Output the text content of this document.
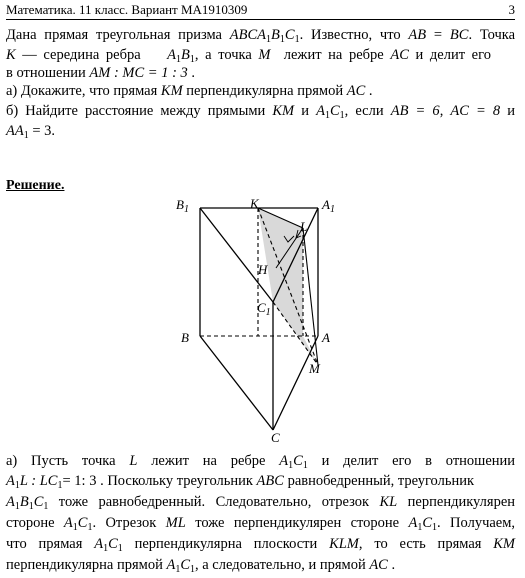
Математика. 11 класс. Вариант МА1910309	3
Дана прямая треугольная призма $ABCA_1B_1C_1$. Известно, что AB = BC. Точка
K — середина ребра $A_1B_1$, а точка M лежит на ребре AC и делит его
в отношении AM : MC = 1 : 3 .
а) Докажите, что прямая KM перпендикулярна прямой AC .
б) Найдите расстояние между прямыми KM и $A_1C_1$, если AB = 6, AC = 8 и
$AA_1 = 3$.
Решение.
$B_1$	K	$A_1$
L
H
$C_1$
B	A
M
C
а) Пусть точка L лежит на ребре $A_1C_1$ и делит его в отношении
$A_1L$ : $LC_1= 1$: 3 . Поскольку треугольник ABC равнобедренный, треугольник
$A_1B_1C_1$ тоже равнобедренный. Следовательно, отрезок KL перпендикулярен
стороне $A_1C_1$. Отрезок ML тоже перпендикулярен стороне $A_1C_1$. Получаем,
что прямая $A_1C_1$ перпендикулярна плоскости KLM, то есть прямая KM
перпендикулярна прямой $A_1C_1$, а следовательно, и прямой AC .
